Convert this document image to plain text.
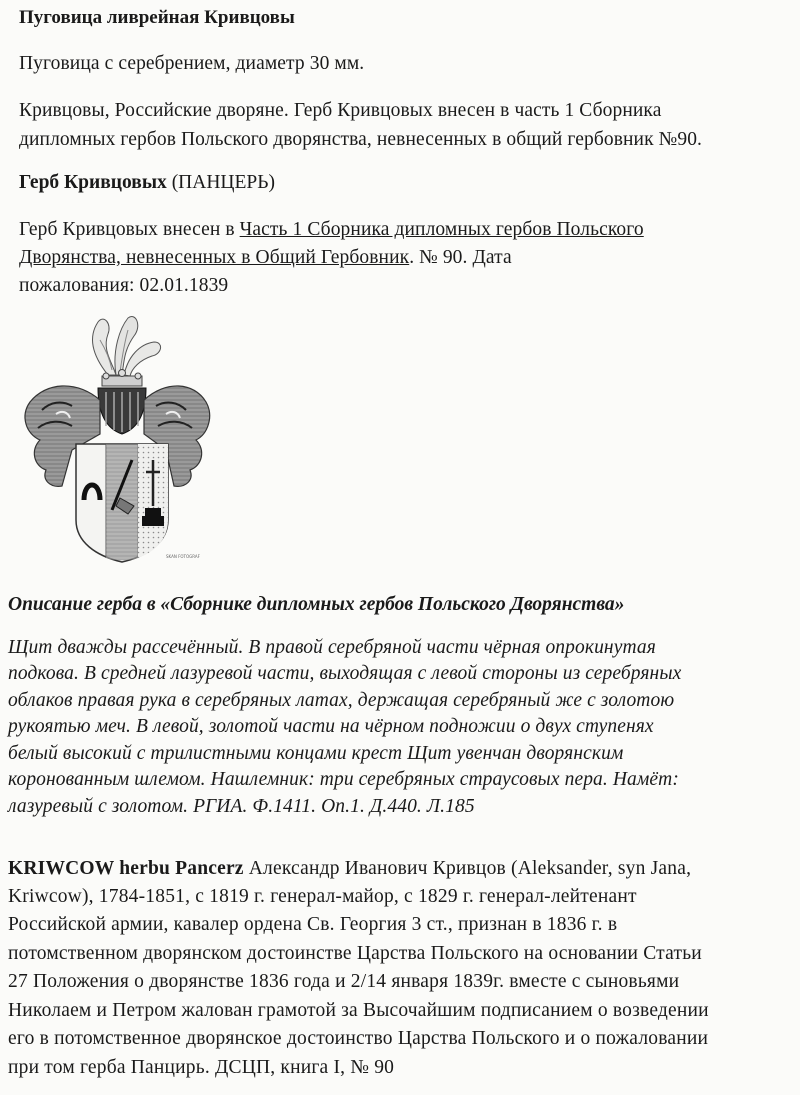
Пуговица ливрейная Кривцовы
Пуговица с серебрением, диаметр 30 мм.
Кривцовы, Российские дворяне. Герб Кривцовых внесен в часть 1 Сборника
дипломных гербов Польского дворянства, невнесенных в общий гербовник №90.
Герб Кривцовых (ПАНЦЕРЬ)
Герб Кривцовых внесен в Часть 1 Сборника дипломных гербов Польского
Дворянства, невнесенных в Общий Гербовник. № 90. Дата
пожалования: 02.01.1839
SKAN FOTOGRAF
Описание герба в «Сборнике дипломных гербов Польского Дворянства»
Щит дважды рассечённый. В правой серебряной части чёрная опрокинутая
подкова. В средней лазуревой части, выходящая с левой стороны из серебряных
облаков правая рука в серебряных латах, держащая серебряный же с золотою
рукоятью меч. В левой, золотой части на чёрном подножии о двух ступенях
белый высокий с трилистными концами крест Щит увенчан дворянским
коронованным шлемом. Нашлемник: три серебряных страусовых пера. Намёт:
лазуревый с золотом. РГИА. Ф.1411. Оп.1. Д.440. Л.185
KRIWCOW herbu Pancerz Александр Иванович Кривцов (Aleksander, syn Jana,
Kriwcow), 1784-1851, с 1819 г. генерал-майор, с 1829 г. генерал-лейтенант
Российской армии, кавалер ордена Св. Георгия 3 ст., признан в 1836 г. в
потомственном дворянском достоинстве Царства Польского на основании Статьи
27 Положения о дворянстве 1836 года и 2/14 января 1839г. вместе с сыновьями
Николаем и Петром жалован грамотой за Высочайшим подписанием о возведении
его в потомственное дворянское достоинство Царства Польского и о пожаловании
при том герба Панцирь. ДСЦП, книга I, № 90
